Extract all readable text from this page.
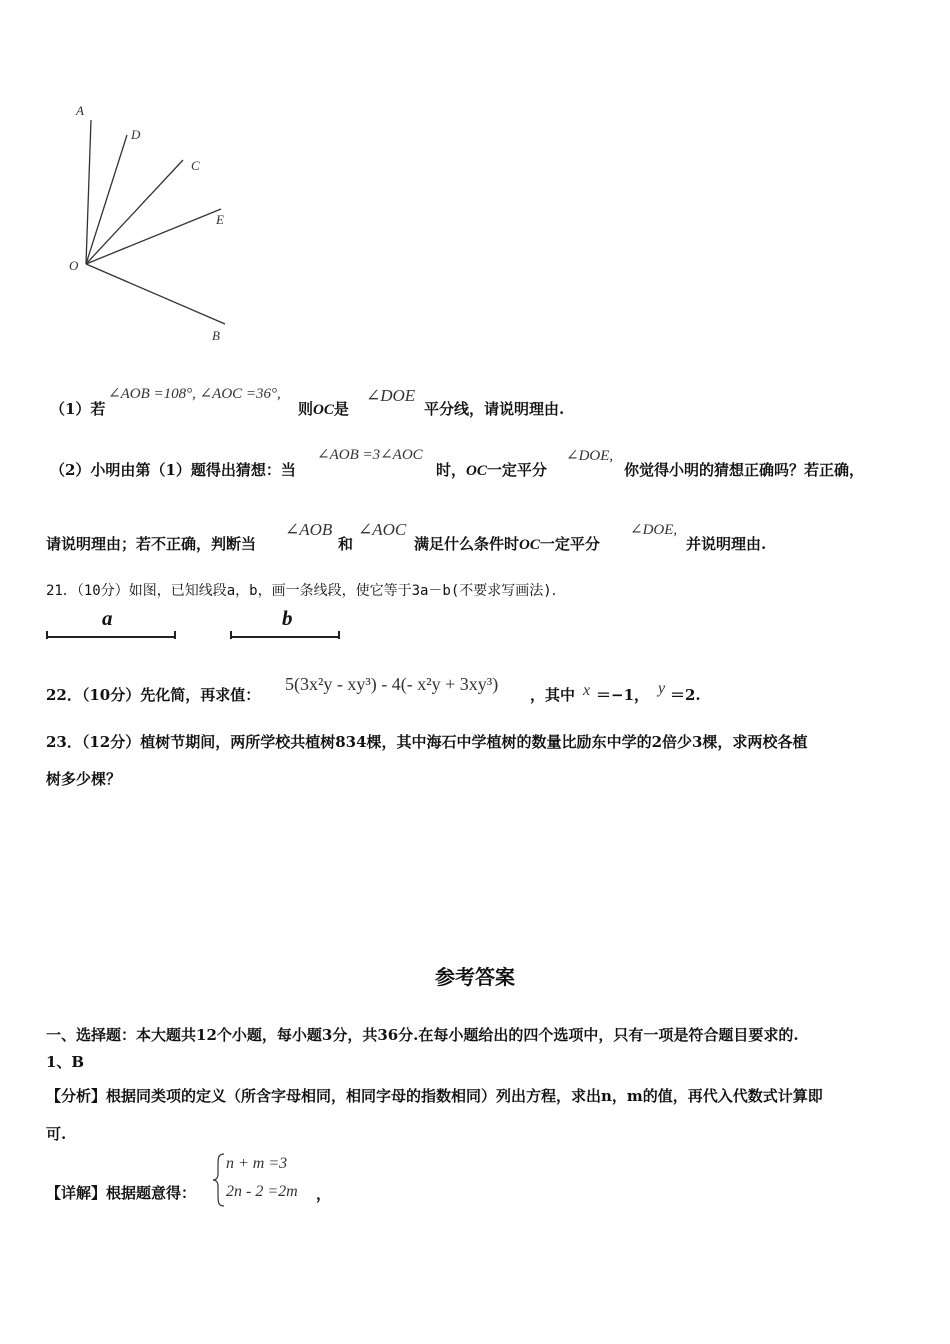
A
D
C
E
O
B
（1）若
∠AOB =108°, ∠AOC =36°,
则OC是
∠DOE
平分线，请说明理由.
（2）小明由第（1）题得出猜想：当
∠AOB =3∠AOC
时，OC一定平分
∠DOE,
你觉得小明的猜想正确吗？若正确，
请说明理由；若不正确，判断当
∠AOB
和
∠AOC
满足什么条件时OC一定平分
∠DOE,
并说明理由.
21．（10分）如图，已知线段a，b，画一条线段，使它等于3a－b(不要求写画法)．
a	b
22．（10分）先化简，再求值：
5(3x²y - xy³) - 4(- x²y + 3xy³)
，其中 x ＝−1， y ＝2.
23．（12分）植树节期间，两所学校共植树834棵，其中海石中学植树的数量比励东中学的2倍少3棵，求两校各植
树多少棵？
参考答案
一、选择题：本大题共12个小题，每小题3分，共36分.在每小题给出的四个选项中，只有一项是符合题目要求的.
1、B
【分析】根据同类项的定义（所含字母相同，相同字母的指数相同）列出方程，求出n，m的值，再代入代数式计算即
可.
【详解】根据题意得：
n + m =3
2n - 2 =2m ，
